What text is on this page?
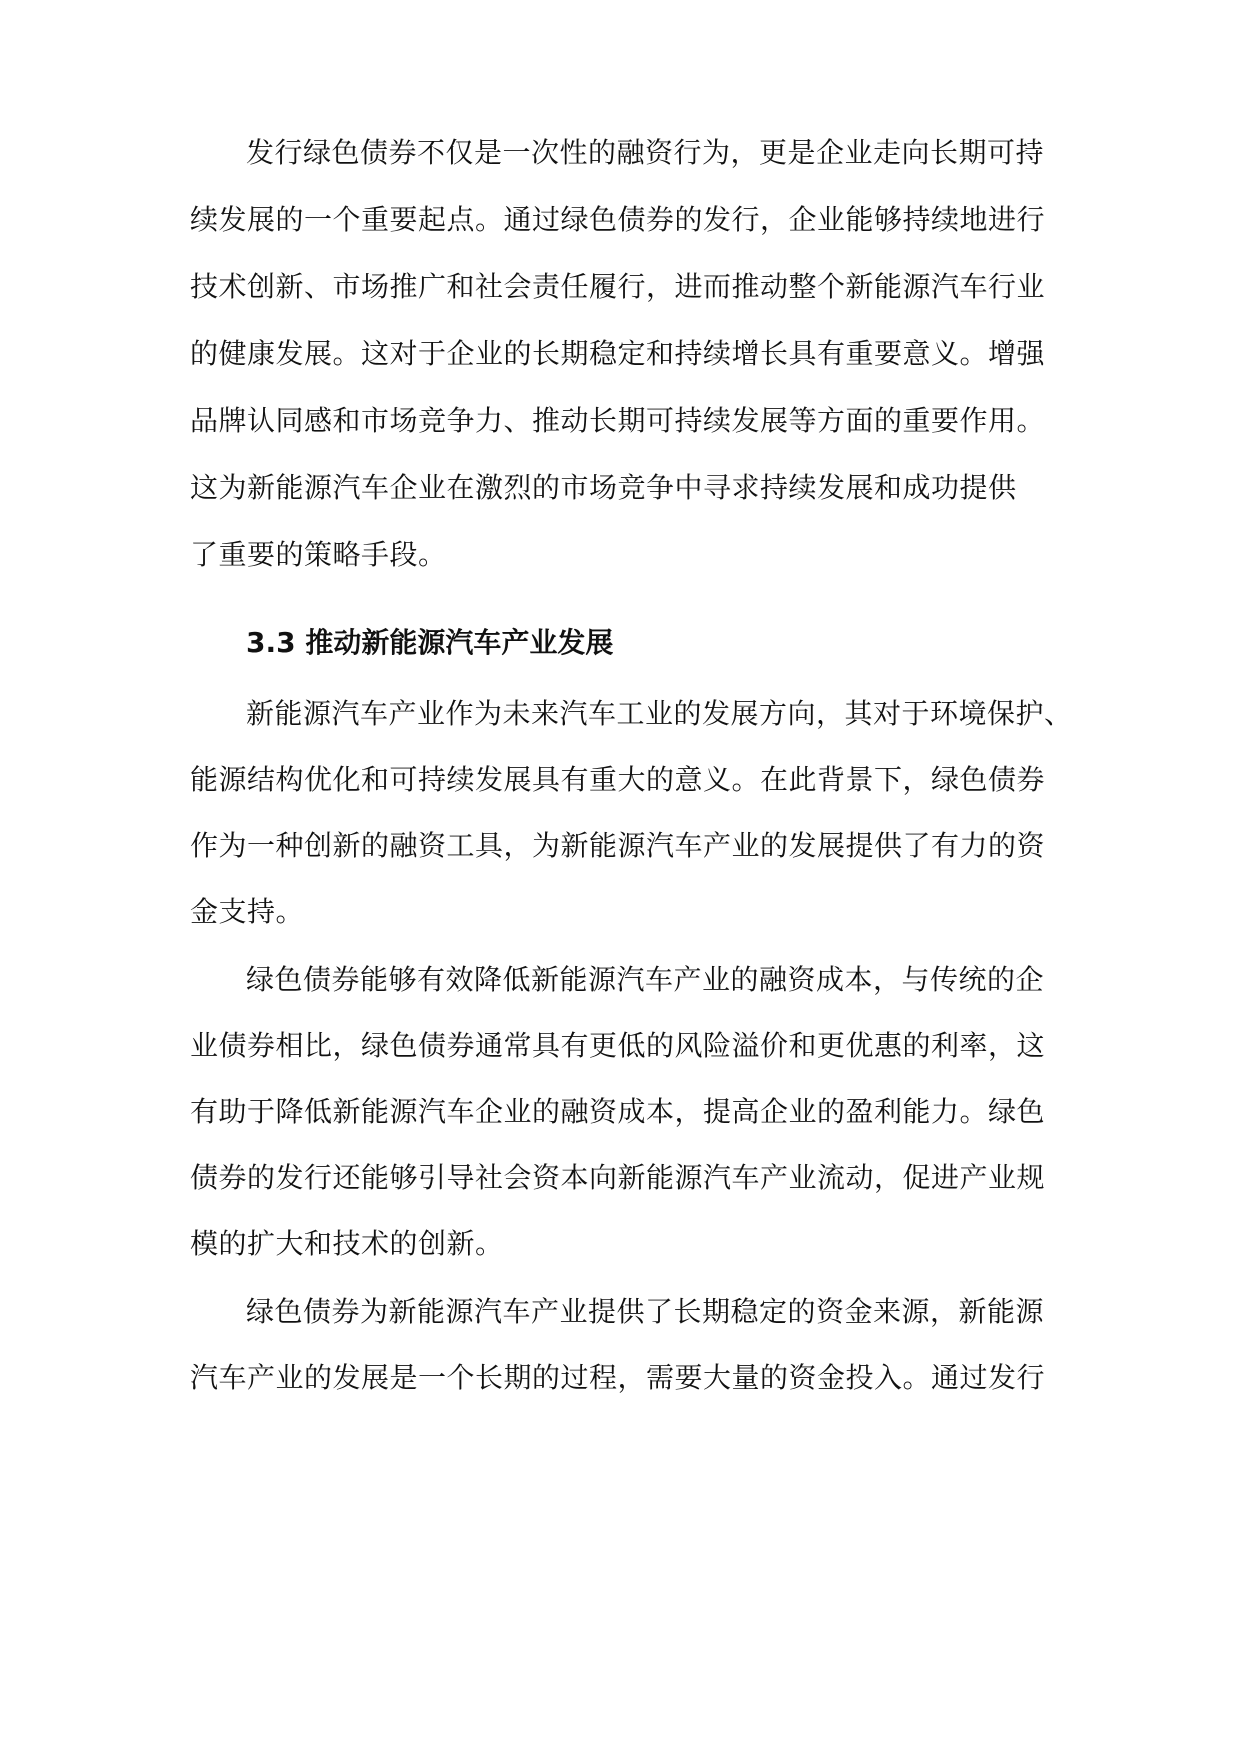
发行绿色债券不仅是一次性的融资行为，更是企业走向长期可持
续发展的一个重要起点。通过绿色债券的发行，企业能够持续地进行
技术创新、市场推广和社会责任履行，进而推动整个新能源汽车行业
的健康发展。这对于企业的长期稳定和持续增长具有重要意义。增强
品牌认同感和市场竞争力、推动长期可持续发展等方面的重要作用。
这为新能源汽车企业在激烈的市场竞争中寻求持续发展和成功提供
了重要的策略手段。
3.3 推动新能源汽车产业发展
新能源汽车产业作为未来汽车工业的发展方向，其对于环境保护、
能源结构优化和可持续发展具有重大的意义。在此背景下，绿色债券
作为一种创新的融资工具，为新能源汽车产业的发展提供了有力的资
金支持。
绿色债券能够有效降低新能源汽车产业的融资成本，与传统的企
业债券相比，绿色债券通常具有更低的风险溢价和更优惠的利率，这
有助于降低新能源汽车企业的融资成本，提高企业的盈利能力。绿色
债券的发行还能够引导社会资本向新能源汽车产业流动，促进产业规
模的扩大和技术的创新。
绿色债券为新能源汽车产业提供了长期稳定的资金来源，新能源
汽车产业的发展是一个长期的过程，需要大量的资金投入。通过发行
